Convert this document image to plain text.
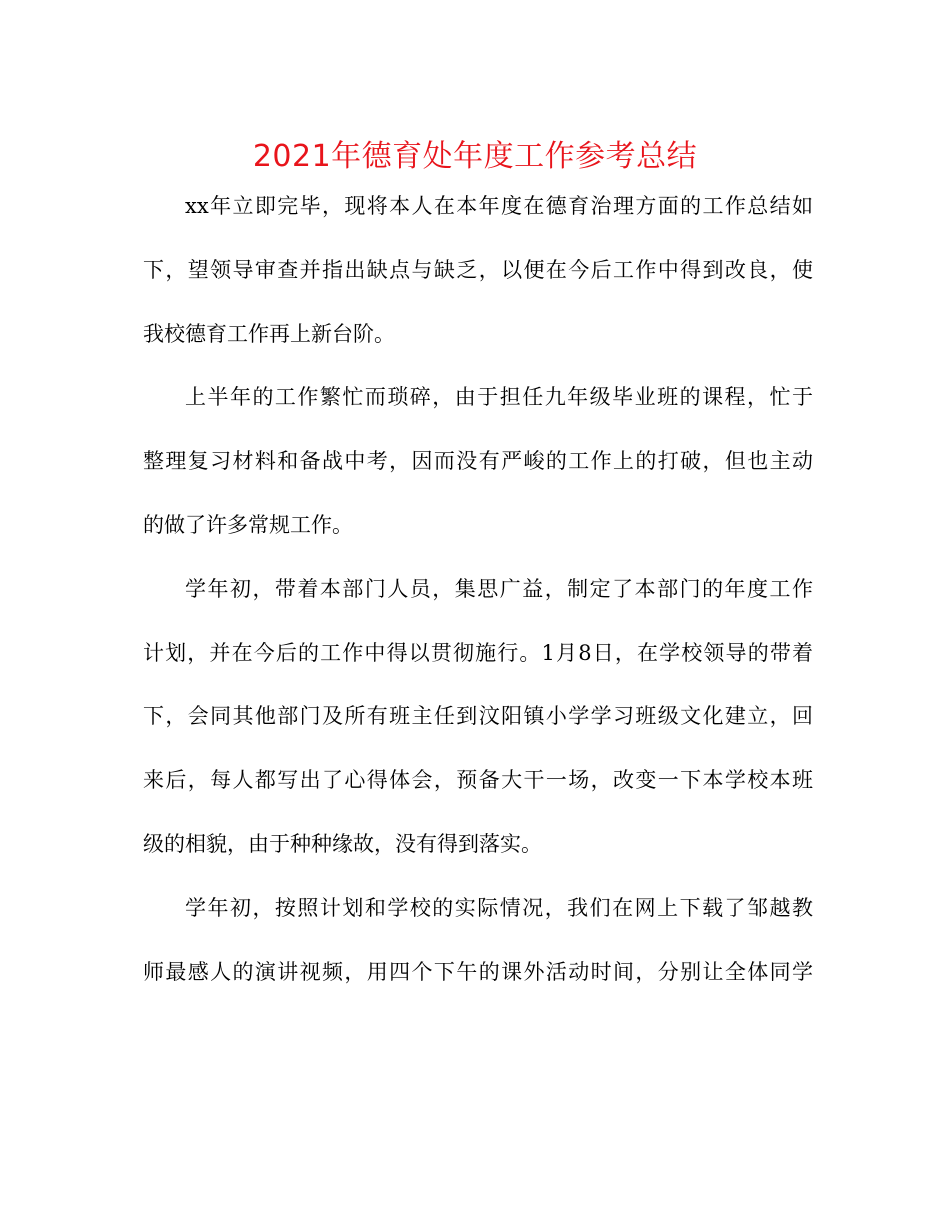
2021年德育处年度工作参考总结
xx年立即完毕，现将本人在本年度在德育治理方面的工作总结如
下，望领导审查并指出缺点与缺乏，以便在今后工作中得到改良，使
我校德育工作再上新台阶。
上半年的工作繁忙而琐碎，由于担任九年级毕业班的课程，忙于
整理复习材料和备战中考，因而没有严峻的工作上的打破，但也主动
的做了许多常规工作。
学年初，带着本部门人员，集思广益，制定了本部门的年度工作
计划，并在今后的工作中得以贯彻施行。1月8日，在学校领导的带着
下，会同其他部门及所有班主任到汶阳镇小学学习班级文化建立，回
来后，每人都写出了心得体会，预备大干一场，改变一下本学校本班
级的相貌，由于种种缘故，没有得到落实。
学年初，按照计划和学校的实际情况，我们在网上下载了邹越教
师最感人的演讲视频，用四个下午的课外活动时间，分别让全体同学
